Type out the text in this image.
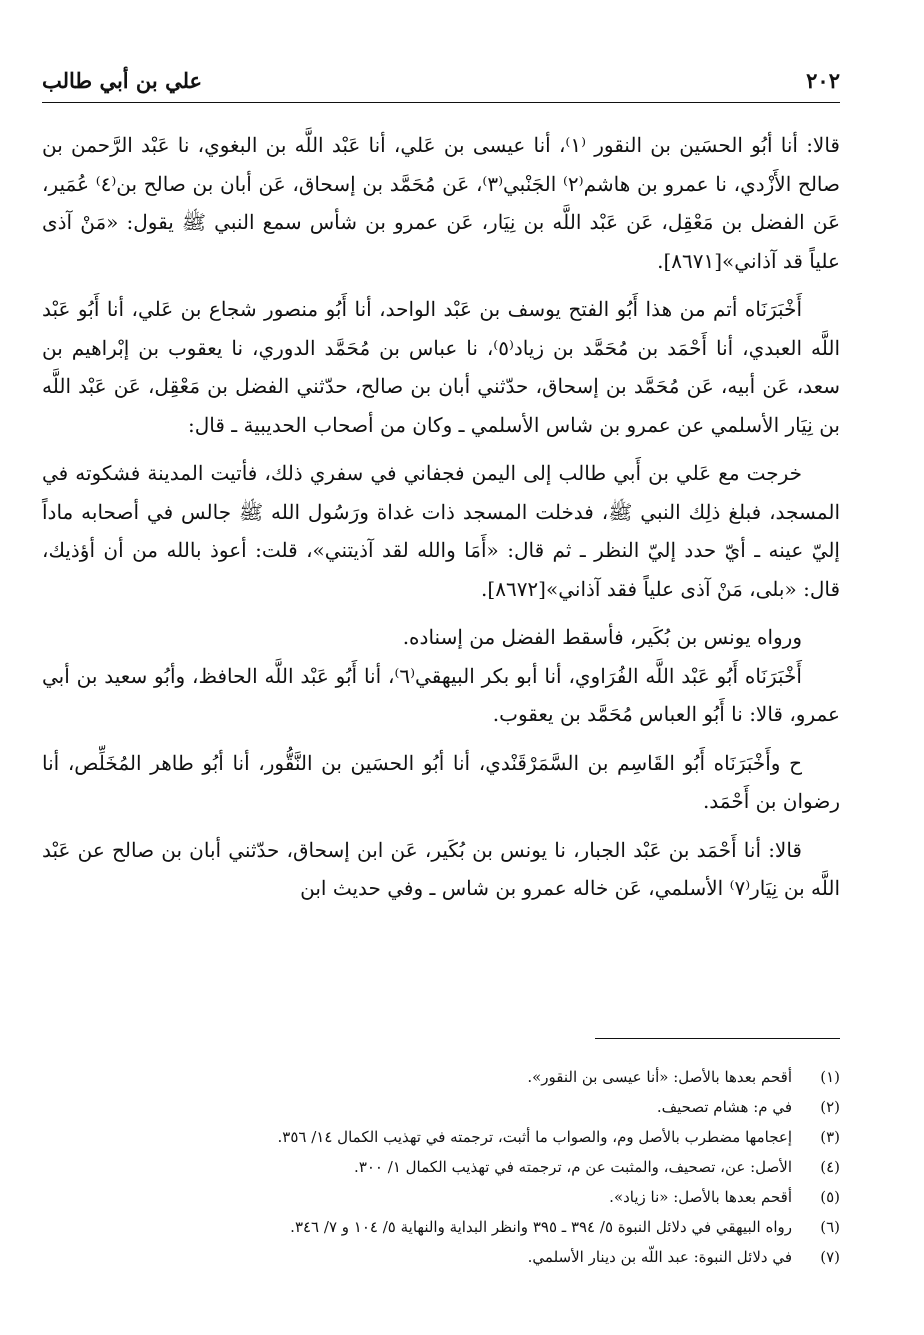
٢٠٢
علي بن أبي طالب

قالا: أنا أبُو الحسَين بن النقور ⁽١⁾، أنا عيسى بن عَلي، أنا عَبْد اللَّه بن البغوي، نا عَبْد الرَّحمن بن صالح الأَزْدي، نا عمرو بن هاشم⁽٢⁾ الجَنْبي⁽٣⁾، عَن مُحَمَّد بن إسحاق، عَن أبان بن صالح بن⁽٤⁾ عُمَير، عَن الفضل بن مَعْقِل، عَن عَبْد اللَّه بن نِيَار، عَن عمرو بن شأس سمع النبي ﷺ يقول: «مَنْ آذى علياً قد آذاني»[٨٦٧١].

أَخْبَرَنَاه أتم من هذا أَبُو الفتح يوسف بن عَبْد الواحد، أنا أَبُو منصور شجاع بن عَلي، أنا أَبُو عَبْد اللَّه العبدي، أنا أَحْمَد بن مُحَمَّد بن زياد⁽٥⁾، نا عباس بن مُحَمَّد الدوري، نا يعقوب بن إبْراهيم بن سعد، عَن أبيه، عَن مُحَمَّد بن إسحاق، حدّثني أبان بن صالح، حدّثني الفضل بن مَعْقِل، عَن عَبْد اللَّه بن نِيَار الأسلمي عن عمرو بن شاس الأسلمي ـ وكان من أصحاب الحديبية ـ قال:

خرجت مع عَلي بن أَبي طالب إلى اليمن فجفاني في سفري ذلك، فأتيت المدينة فشكوته في المسجد، فبلغ ذلِك النبي ﷺ، فدخلت المسجد ذات غداة ورَسُول الله ﷺ جالس في أصحابه ماداً إليّ عينه ـ أيّ حدد إليّ النظر ـ ثم قال: «أَمَا والله لقد آذيتني»، قلت: أعوذ بالله من أن أؤذيك، قال: «بلى، مَنْ آذى علياً فقد آذاني»[٨٦٧٢].

ورواه يونس بن بُكَير، فأسقط الفضل من إسناده.

أَخْبَرَنَاه أَبُو عَبْد اللَّه الفُرَاوي، أنا أبو بكر البيهقي⁽٦⁾، أنا أَبُو عَبْد اللَّه الحافظ، وأبُو سعيد بن أبي عمرو، قالا: نا أَبُو العباس مُحَمَّد بن يعقوب.

ح وأَخْبَرَنَاه أَبُو القَاسِم بن السَّمَرْقَنْدي، أنا أبُو الحسَين بن النَّقُّور، أنا أبُو طاهر المُخَلِّص، أنا رضوان بن أَحْمَد.

قالا: أنا أَحْمَد بن عَبْد الجبار، نا يونس بن بُكَير، عَن ابن إسحاق، حدّثني أبان بن صالح عن عَبْد اللَّه بن نِيَار⁽٧⁾ الأسلمي، عَن خاله عمرو بن شاس ـ وفي حديث ابن

(١)
أقحم بعدها بالأصل: «أنا عيسى بن النقور».
(٢)
في م: هشام تصحيف.
(٣)
إعجامها مضطرب بالأصل وم، والصواب ما أثبت، ترجمته في تهذيب الكمال ١٤/ ٣٥٦.
(٤)
الأصل: عن، تصحيف، والمثبت عن م، ترجمته في تهذيب الكمال ١/ ٣٠٠.
(٥)
أقحم بعدها بالأصل: «نا زياد».
(٦)
رواه البيهقي في دلائل النبوة ٥/ ٣٩٤ ـ ٣٩٥ وانظر البداية والنهاية ٥/ ١٠٤ و ٧/ ٣٤٦.
(٧)
في دلائل النبوة: عبد اللّه بن دينار الأسلمي.
